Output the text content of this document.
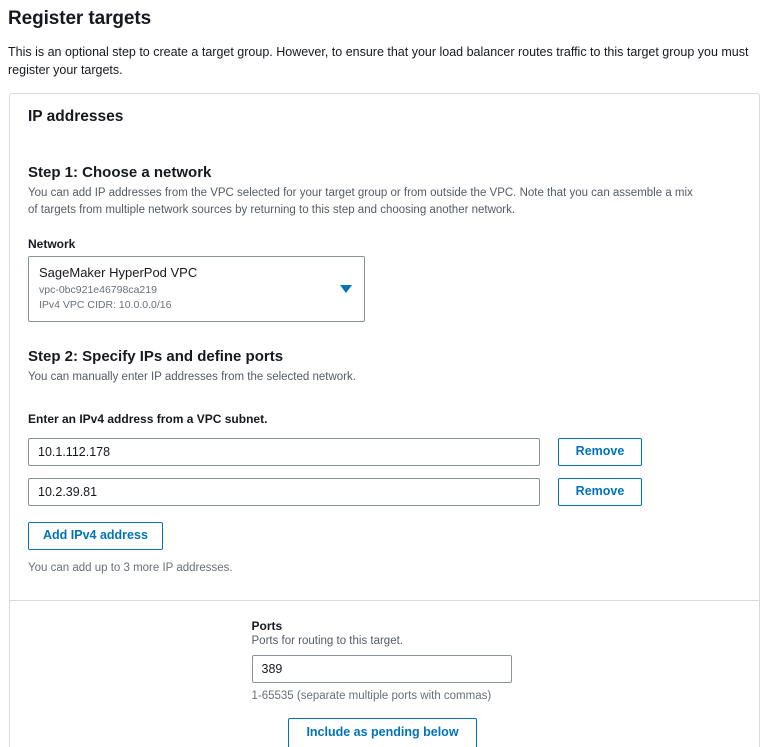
Register targets

This is an optional step to create a target group. However, to ensure that your load balancer routes traffic to this target group you must register your targets.

IP addresses
Step 1: Choose a network

You can add IP addresses from the VPC selected for your target group or from outside the VPC. Note that you can assemble a mix of targets from multiple network sources by returning to this step and choosing another network.

Network
SageMaker HyperPod VPC
vpc-0bc921e46798ca219
IPv4 VPC CIDR: 10.0.0.0/16
Step 2: Specify IPs and define ports

You can manually enter IP addresses from the selected network.

Enter an IPv4 address from a VPC subnet.
10.1.112.178
Remove
10.2.39.81
Remove
Add IPv4 address
You can add up to 3 more IP addresses.
Ports
Ports for routing to this target.
389
1-65535 (separate multiple ports with commas)
Include as pending below
